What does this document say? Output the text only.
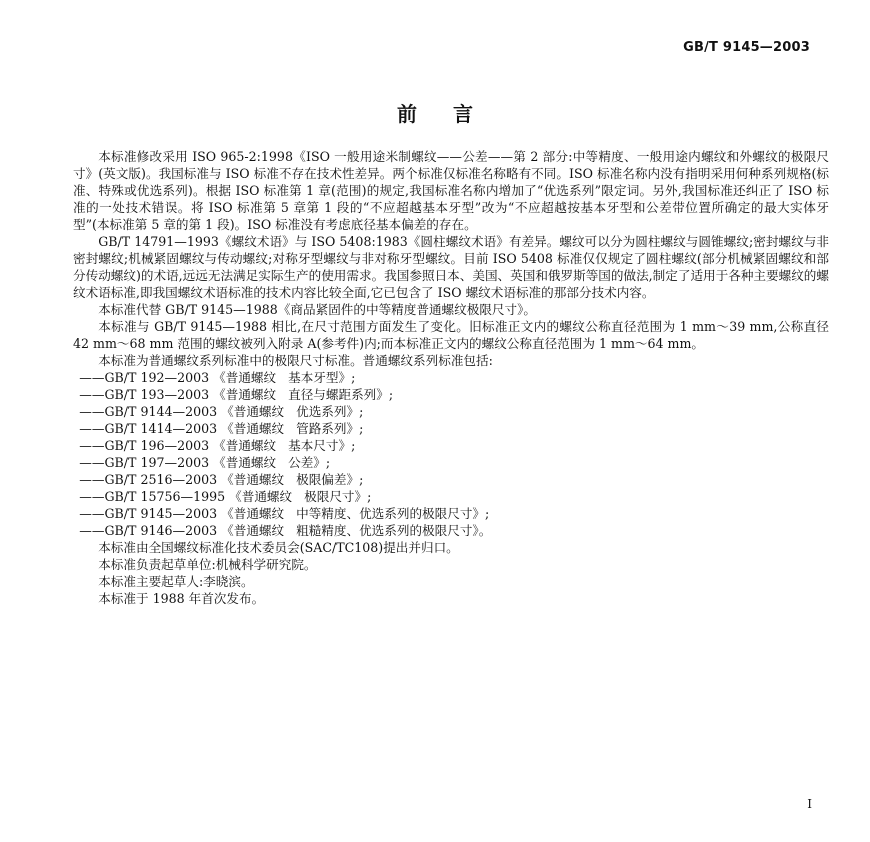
GB/T 9145—2003
前言

本标准修改采用 ISO 965-2:1998《ISO 一般用途米制螺纹——公差——第 2 部分:中等精度、一般用途内螺纹和外螺纹的极限尺寸》(英文版)。我国标准与 ISO 标准不存在技术性差异。两个标准仅标准名称略有不同。ISO 标准名称内没有指明采用何种系列规格(标准、特殊或优选系列)。根据 ISO 标准第 1 章(范围)的规定,我国标准名称内增加了“优选系列”限定词。另外,我国标准还纠正了 ISO 标准的一处技术错误。将 ISO 标准第 5 章第 1 段的“不应超越基本牙型”改为“不应超越按基本牙型和公差带位置所确定的最大实体牙型”(本标准第 5 章的第 1 段)。ISO 标准没有考虑底径基本偏差的存在。

GB/T 14791—1993《螺纹术语》与 ISO 5408:1983《圆柱螺纹术语》有差异。螺纹可以分为圆柱螺纹与圆锥螺纹;密封螺纹与非密封螺纹;机械紧固螺纹与传动螺纹;对称牙型螺纹与非对称牙型螺纹。目前 ISO 5408 标准仅仅规定了圆柱螺纹(部分机械紧固螺纹和部分传动螺纹)的术语,远远无法满足实际生产的使用需求。我国参照日本、美国、英国和俄罗斯等国的做法,制定了适用于各种主要螺纹的螺纹术语标准,即我国螺纹术语标准的技术内容比较全面,它已包含了 ISO 螺纹术语标准的那部分技术内容。

本标准代替 GB/T 9145—1988《商品紧固件的中等精度普通螺纹极限尺寸》。

本标准与 GB/T 9145—1988 相比,在尺寸范围方面发生了变化。旧标准正文内的螺纹公称直径范围为 1 mm～39 mm,公称直径 42 mm～68 mm 范围的螺纹被列入附录 A(参考件)内;而本标准正文内的螺纹公称直径范围为 1 mm～64 mm。

本标准为普通螺纹系列标准中的极限尺寸标准。普通螺纹系列标准包括:

——GB/T 192—2003 《普通螺纹   基本牙型》;

——GB/T 193—2003 《普通螺纹   直径与螺距系列》;

——GB/T 9144—2003 《普通螺纹   优选系列》;

——GB/T 1414—2003 《普通螺纹   管路系列》;

——GB/T 196—2003 《普通螺纹   基本尺寸》;

——GB/T 197—2003 《普通螺纹   公差》;

——GB/T 2516—2003 《普通螺纹   极限偏差》;

——GB/T 15756—1995 《普通螺纹   极限尺寸》;

——GB/T 9145—2003 《普通螺纹   中等精度、优选系列的极限尺寸》;

——GB/T 9146—2003 《普通螺纹   粗糙精度、优选系列的极限尺寸》。

本标准由全国螺纹标准化技术委员会(SAC/TC108)提出并归口。

本标准负责起草单位:机械科学研究院。

本标准主要起草人:李晓滨。

本标准于 1988 年首次发布。

I
